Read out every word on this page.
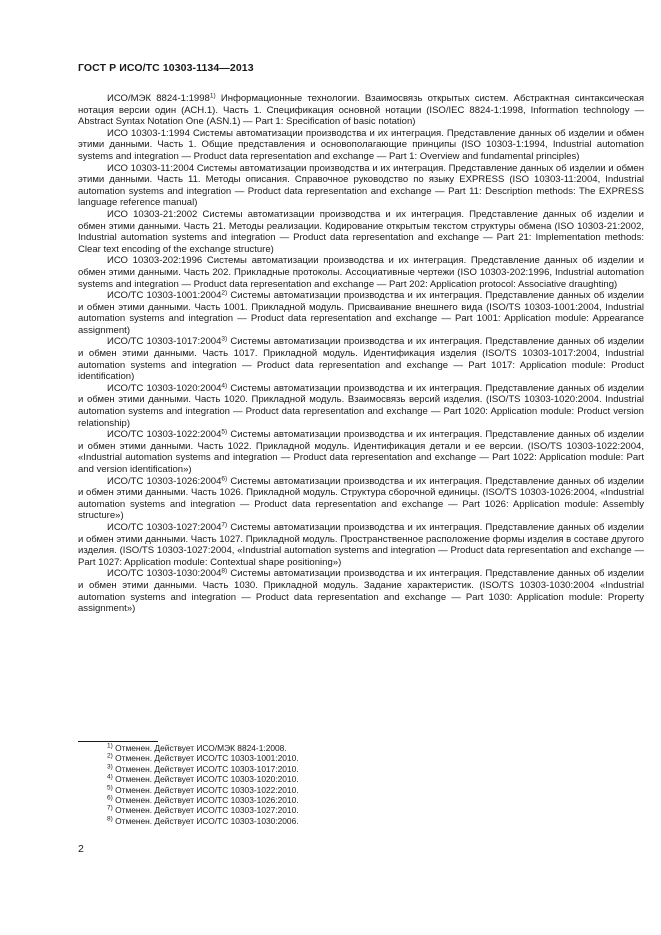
ГОСТ Р ИСО/ТС 10303-1134—2013

ИСО/МЭК 8824-1:1998$^{1)}$ Информационные технологии. Взаимосвязь открытых систем. Абстрактная синтаксическая нотация версии один (АСН.1). Часть 1. Спецификация основной нотации (ISO/IEC 8824-1:1998, Information technology — Abstract Syntax Notation One (ASN.1) — Part 1: Specification of basic notation)

ИСО 10303-1:1994 Системы автоматизации производства и их интеграция. Представление данных об изделии и обмен этими данными. Часть 1. Общие представления и основополагающие принципы (ISO 10303-1:1994, Industrial automation systems and integration — Product data representation and exchange — Part 1: Overview and fundamental principles)

ИСО 10303-11:2004 Системы автоматизации производства и их интеграция. Представление данных об изделии и обмен этими данными. Часть 11. Методы описания. Справочное руководство по языку EXPRESS (ISO 10303-11:2004, Industrial automation systems and integration — Product data representation and exchange — Part 11: Description methods: The EXPRESS language reference manual)

ИСО 10303-21:2002 Системы автоматизации производства и их интеграция. Представление данных об изделии и обмен этими данными. Часть 21. Методы реализации. Кодирование открытым текстом структуры обмена (ISO 10303-21:2002, Industrial automation systems and integration — Product data representation and exchange — Part 21: Implementation methods: Clear text encoding of the exchange structure)

ИСО 10303-202:1996 Системы автоматизации производства и их интеграция. Представление данных об изделии и обмен этими данными. Часть 202. Прикладные протоколы. Ассоциативные чертежи (ISO 10303-202:1996, Industrial automation systems and integration — Product data representation and exchange — Part 202: Application protocol: Associative draughting)

ИСО/ТС 10303-1001:2004$^{2)}$ Системы автоматизации производства и их интеграция. Представление данных об изделии и обмен этими данными. Часть 1001. Прикладной модуль. Присваивание внешнего вида (ISO/TS 10303-1001:2004, Industrial automation systems and integration — Product data representation and exchange — Part 1001: Application module: Appearance assignment)

ИСО/ТС 10303-1017:2004$^{3)}$ Системы автоматизации производства и их интеграция. Представление данных об изделии и обмен этими данными. Часть 1017. Прикладной модуль. Идентификация изделия (ISO/TS 10303-1017:2004, Industrial automation systems and integration — Product data representation and exchange — Part 1017: Application module: Product identification)

ИСО/ТС 10303-1020:2004$^{4)}$ Системы автоматизации производства и их интеграция. Представление данных об изделии и обмен этими данными. Часть 1020. Прикладной модуль. Взаимосвязь версий изделия. (ISO/TS 10303-1020:2004. Industrial automation systems and integration — Product data representation and exchange — Part 1020: Application module: Product version relationship)

ИСО/ТС 10303-1022:2004$^{5)}$ Системы автоматизации производства и их интеграция. Представление данных об изделии и обмен этими данными. Часть 1022. Прикладной модуль. Идентификация детали и ее версии. (ISO/TS 10303-1022:2004, «Industrial automation systems and integration — Product data representation and exchange — Part 1022: Application module: Part and version identification»)

ИСО/ТС 10303-1026:2004$^{6)}$ Системы автоматизации производства и их интеграция. Представление данных об изделии и обмен этими данными. Часть 1026. Прикладной модуль. Структура сборочной единицы. (ISO/TS 10303-1026:2004, «Industrial automation systems and integration — Product data representation and exchange — Part 1026: Application module: Assembly structure»)

ИСО/ТС 10303-1027:2004$^{7)}$ Системы автоматизации производства и их интеграция. Представление данных об изделии и обмен этими данными. Часть 1027. Прикладной модуль. Пространственное расположение формы изделия в составе другого изделия. (ISO/TS 10303-1027:2004, «Industrial automation systems and integration — Product data representation and exchange — Part 1027: Application module: Contextual shape positioning»)

ИСО/ТС 10303-1030:2004$^{8)}$ Системы автоматизации производства и их интеграция. Представление данных об изделии и обмен этими данными. Часть 1030. Прикладной модуль. Задание характеристик. (ISO/TS 10303-1030:2004 «Industrial automation systems and integration — Product data representation and exchange — Part 1030: Application module: Property assignment»)

$^{1)}$ Отменен. Действует ИСО/МЭК 8824-1:2008.

$^{2)}$ Отменен. Действует ИСО/ТС 10303-1001:2010.

$^{3)}$ Отменен. Действует ИСО/ТС 10303-1017:2010.

$^{4)}$ Отменен. Действует ИСО/ТС 10303-1020:2010.

$^{5)}$ Отменен. Действует ИСО/ТС 10303-1022:2010.

$^{6)}$ Отменен. Действует ИСО/ТС 10303-1026:2010.

$^{7)}$ Отменен. Действует ИСО/ТС 10303-1027:2010.

$^{8)}$ Отменен. Действует ИСО/ТС 10303-1030:2006.

2
